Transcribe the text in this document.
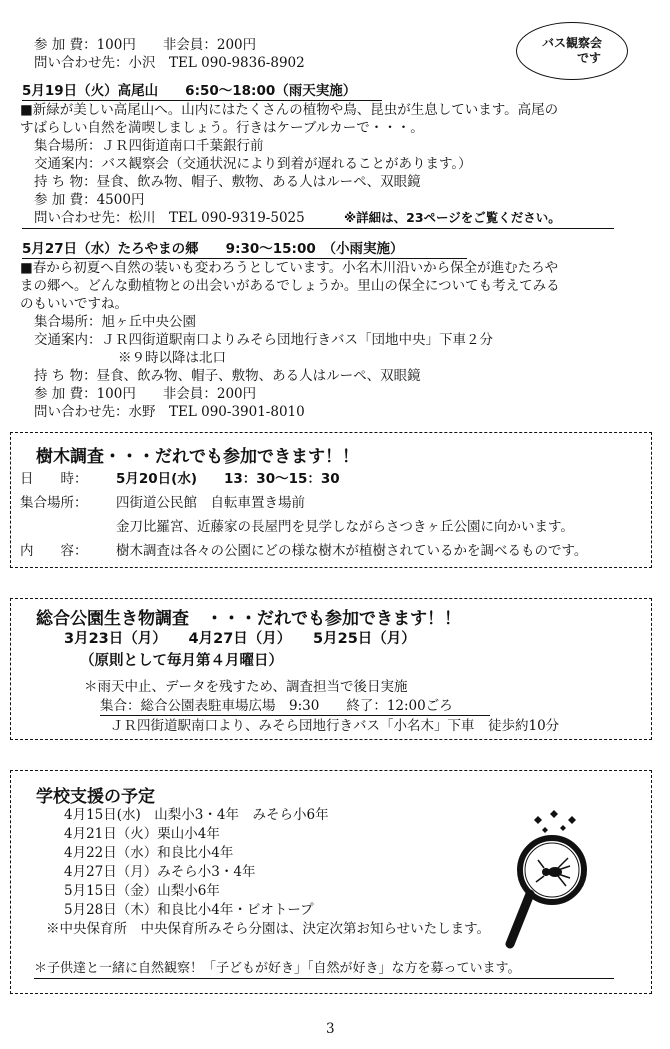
参 加 費：100円　　非会員：200円
問い合わせ先：小沢　TEL 090-9836-8902
バス観察会
です
5月19日（火）高尾山　　6:50～18:00（雨天実施）
■新緑が美しい高尾山へ。山内にはたくさんの植物や鳥、昆虫が生息しています。高尾の
すばらしい自然を満喫しましょう。行きはケーブルカーで・・・。
集合場所：ＪＲ四街道南口千葉銀行前
交通案内：バス観察会（交通状況により到着が遅れることがあります。）
持 ち 物：昼食、飲み物、帽子、敷物、ある人はルーペ、双眼鏡
参 加 費：4500円
問い合わせ先：松川　TEL 090-9319-5025	※詳細は、23ページをご覧ください。
5月27日（水）たろやまの郷　　9:30～15:00　（小雨実施）
■春から初夏へ自然の装いも変わろうとしています。小名木川沿いから保全が進むたろや
まの郷へ。どんな動植物との出会いがあるでしょうか。里山の保全についても考えてみる
のもいいですね。
集合場所：旭ヶ丘中央公園
交通案内：ＪＲ四街道駅南口よりみそら団地行きバス「団地中央」下車２分
※９時以降は北口
持 ち 物：昼食、飲み物、帽子、敷物、ある人はルーペ、双眼鏡
参 加 費：100円　　非会員：200円
問い合わせ先：水野　TEL 090-3901-8010
樹木調査・・・だれでも参加できます！！
日　　時： 5月20日(水)　　13：30～15：30
集合場所： 四街道公民館　自転車置き場前
金刀比羅宮、近藤家の長屋門を見学しながらさつきヶ丘公園に向かいます。
内　　容： 樹木調査は各々の公園にどの様な樹木が植樹されているかを調べるものです。
総合公園生き物調査　・・・だれでも参加できます！！
3月23日（月）　　4月27日（月）　　5月25日（月）
（原則として毎月第４月曜日）
＊雨天中止、データを残すため、調査担当で後日実施
集合：総合公園表駐車場広場　9:30　　終了：12:00ごろ
ＪＲ四街道駅南口より、みそら団地行きバス「小名木」下車　徒歩約10分
学校支援の予定
4月15日(水)　山梨小3・4年　みそら小6年
4月21日（火）栗山小4年
4月22日（水）和良比小4年
4月27日（月）みそら小3・4年
5月15日（金）山梨小6年
5月28日（木）和良比小4年・ビオトープ
※中央保育所　中央保育所みそら分園は、決定次第お知らせいたします。
＊子供達と一緒に自然観察！「子どもが好き」「自然が好き」な方を募っています。
3
